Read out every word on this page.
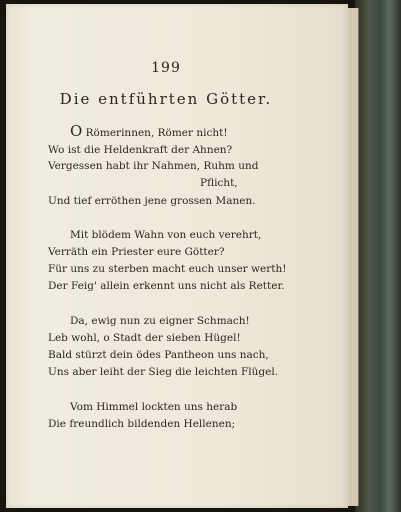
199
Die entführten Götter.
O Römerinnen, Römer nicht!
Wo ist die Heldenkraft der Ahnen?
Vergessen habt ihr Nahmen, Ruhm und
Pflicht,
Und tief erröthen jene grossen Manen.
Mit blödem Wahn von euch verehrt,
Verräth ein Priester eure Götter?
Für uns zu sterben macht euch unser werth!
Der Feig' allein erkennt uns nicht als Retter.
Da, ewig nun zu eigner Schmach!
Leb wohl, o Stadt der sieben Hügel!
Bald stürzt dein ödes Pantheon uns nach,
Uns aber leiht der Sieg die leichten Flügel.
Vom Himmel lockten uns herab
Die freundlich bildenden Hellenen;
